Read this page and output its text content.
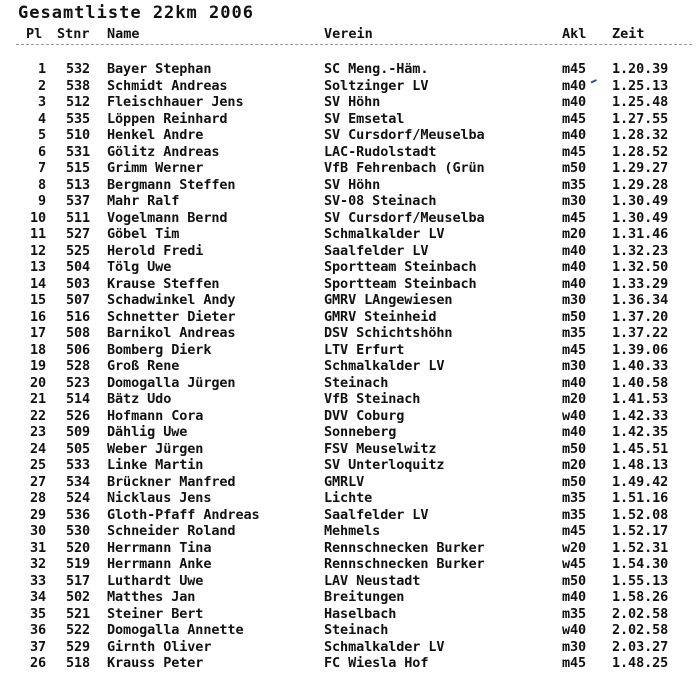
Gesamtliste 22km 2006
Pl Stnr Name	Verein	Akl Zeit
1 532 Bayer Stephan	SC Meng.-Häm.	m45 1.20.39
2 538 Schmidt Andreas	Soltzinger LV	m40 1.25.13
3 512 Fleischhauer Jens	SV Höhn	m40 1.25.48
4 535 Löppen Reinhard	SV Emsetal	m45 1.27.55
5 510 Henkel Andre	SV Cursdorf/Meuselba	m40 1.28.32
6 531 Gölitz Andreas	LAC-Rudolstadt	m45 1.28.52
7 515 Grimm Werner	VfB Fehrenbach (Grün	m50 1.29.27
8 513 Bergmann Steffen	SV Höhn	m35 1.29.28
9 537 Mahr Ralf	SV-08 Steinach	m30 1.30.49
10 511 Vogelmann Bernd	SV Cursdorf/Meuselba	m45 1.30.49
11 527 Göbel Tim	Schmalkalder LV	m20 1.31.46
12 525 Herold Fredi	Saalfelder LV	m40 1.32.23
13 504 Tölg Uwe	Sportteam Steinbach	m40 1.32.50
14 503 Krause Steffen	Sportteam Steinbach	m40 1.33.29
15 507 Schadwinkel Andy	GMRV LAngewiesen	m30 1.36.34
16 516 Schnetter Dieter	GMRV Steinheid	m50 1.37.20
17 508 Barnikol Andreas	DSV Schichtshöhn	m35 1.37.22
18 506 Bomberg Dierk	LTV Erfurt	m45 1.39.06
19 528 Groß Rene	Schmalkalder LV	m30 1.40.33
20 523 Domogalla Jürgen	Steinach	m40 1.40.58
21 514 Bätz Udo	VfB Steinach	m20 1.41.53
22 526 Hofmann Cora	DVV Coburg	w40 1.42.33
23 509 Dählig Uwe	Sonneberg	m40 1.42.35
24 505 Weber Jürgen	FSV Meuselwitz	m50 1.45.51
25 533 Linke Martin	SV Unterloquitz	m20 1.48.13
27 534 Brückner Manfred	GMRLV	m50 1.49.42
28 524 Nicklaus Jens	Lichte	m35 1.51.16
29 536 Gloth-Pfaff Andreas	Saalfelder LV	m35 1.52.08
30 530 Schneider Roland	Mehmels	m45 1.52.17
31 520 Herrmann Tina	Rennschnecken Burker	w20 1.52.31
32 519 Herrmann Anke	Rennschnecken Burker	w45 1.54.30
33 517 Luthardt Uwe	LAV Neustadt	m50 1.55.13
34 502 Matthes Jan	Breitungen	m40 1.58.26
35 521 Steiner Bert	Haselbach	m35 2.02.58
36 522 Domogalla Annette	Steinach	w40 2.02.58
37 529 Girnth Oliver	Schmalkalder LV	m30 2.03.27
26 518 Krauss Peter	FC Wiesla Hof	m45 1.48.25
